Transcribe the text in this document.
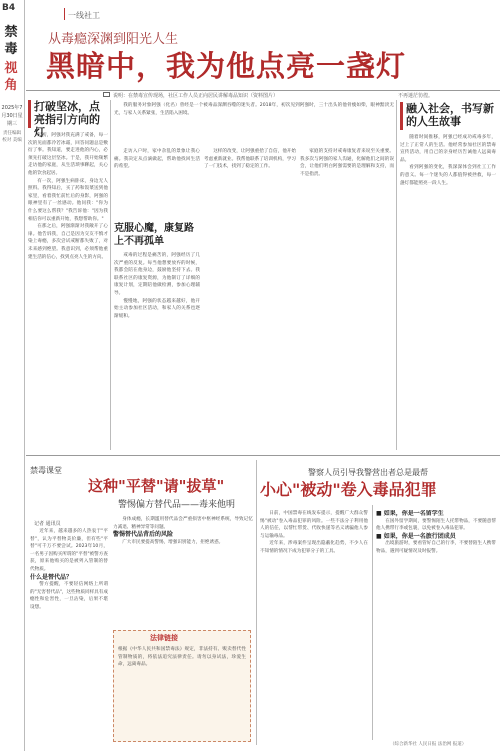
B4
禁毒
视角
2025年7月30日星期三
责任编辑 校对 美编
一线社工
从毒瘾深渊到阳光人生
黑暗中，我为他点亮一盏灯
说明：在禁毒宣传现场，社区工作人员正向居民讲解毒品知识（资料图片）	不再迷茫彷徨。
打破坚冰，点亮指引方向的灯

起初，阿强对我充满了戒备，每一次的见面都冷若冰霜，回答问题总是敷衍了事。我知道，要走进他的内心，必须先打破这层坚冰。于是，我开始频繁走访他的家庭，从生活琐事聊起，关心他的饮食起居。

有一次，阿强生病卧床，身边无人照料。我得知后，买了药和饭菜送到他家里，看着我忙前忙后的身影，阿强的眼神里有了一丝感动。他问我："你为什么要这么帮我？"我告诉他："因为我相信你可以重新开始，我想帮助你。"

在那之后，阿强渐渐对我敞开了心扉。他告诉我，自己是因为交友不慎才染上毒瘾，多次尝试戒断都失败了，对未来感到绝望。我意识到，必须帮他重建生活的信心，找到点亮人生的方向。

我的服务对象阿强（化名）曾经是一个被毒品深渊吞噬的迷失者。2018年，初次见到阿强时，三十出头的他骨瘦如柴，眼神黯淡无光，与家人关系紧张，生活陷入困境。

走访入户时，家中杂乱的景象让我心痛。我决定从点滴做起，帮助他找回生活的希望。

克服心魔，康复路上不再孤单

戒毒的过程是痛苦的，阿强经历了几次严重的反复。每当他想要放弃的时候，我都会陪在他身边，鼓励他坚持下去。我联系社区的康复资源，为他制订了详细的康复计划，定期陪他做检测，参加心理辅导。

慢慢地，阿强的状态越来越好，他开始主动参加社区活动，和家人的关系也逐渐缓和。

这样的改变，让阿强重拾了自信，他开始考虑重新就业。我帮他联系了培训机构，学习了一门技术，找到了稳定的工作。

家庭的支持对戒毒康复者来说至关重要。我多次与阿强的家人沟通，化解他们之间的误会，让他们明白阿强需要的是理解和支持，而不是指责。

融入社会，书写新的人生故事

随着时间推移，阿强已经成功戒毒多年，过上了正常人的生活。他经常参加社区的禁毒宣传活动，用自己的亲身经历告诫他人远离毒品。

看到阿强的变化，我深深体会到社工工作的意义。每一个迷失的人都值得被拯救，每一盏灯都能照亮一段人生。

禁毒课堂
这种"平替"请"拔草"
警惕偏方替代品——毒来他明
记者 通讯员

近年来，越来越多的人热衷于"平替"，认为平替物美价廉，但有些"平替"可千万不要尝试。2023年10月，一名男子因购买所谓的"平替"被警方查获，原来他购买的是被列入管制的替代物质。

什么是替代品？

警方提醒，不要轻信网络上所谓的"无害替代品"，这些物质同样具有成瘾性和危害性，一旦沾染，后果不堪设想。

身体成瘾，长期滥用替代品会严重损害中枢神经系统，导致记忆力减退、精神异常等问题。

警惕替代品背后的风险

广大市民要提高警惕，增强识别能力，拒绝诱惑。

法律链接
根据《中华人民共和国禁毒法》规定，非法持有、贩卖替代性管制物质的，将依法追究法律责任。请勿以身试法，珍爱生命，远离毒品。
警察人员引导我警营出者总是最帮
小心"被动"卷入毒品犯罪

日前，中国禁毒在线发布提示，提醒广大群众警惕"被动"卷入毒品犯罪的风险。一些不法分子利用他人的信任，以帮忙带货、代收快递等名义诱骗他人参与运输毒品。

近年来，涉毒案件呈现出隐蔽化趋势，不少人在不知情的情况下成为犯罪分子的工具。

■ 如果，你是一名留学生

在国外留学期间，要警惕陌生人托带物品，不要随意帮他人携带行李或包裹，以免被卷入毒品犯罪。

■ 如果，你是一名旅行团成员

出境旅游时，要看管好自己的行李，不要替陌生人携带物品，遇到可疑情况及时报警。

（综合新华社 人民日报 法治网 报道）
